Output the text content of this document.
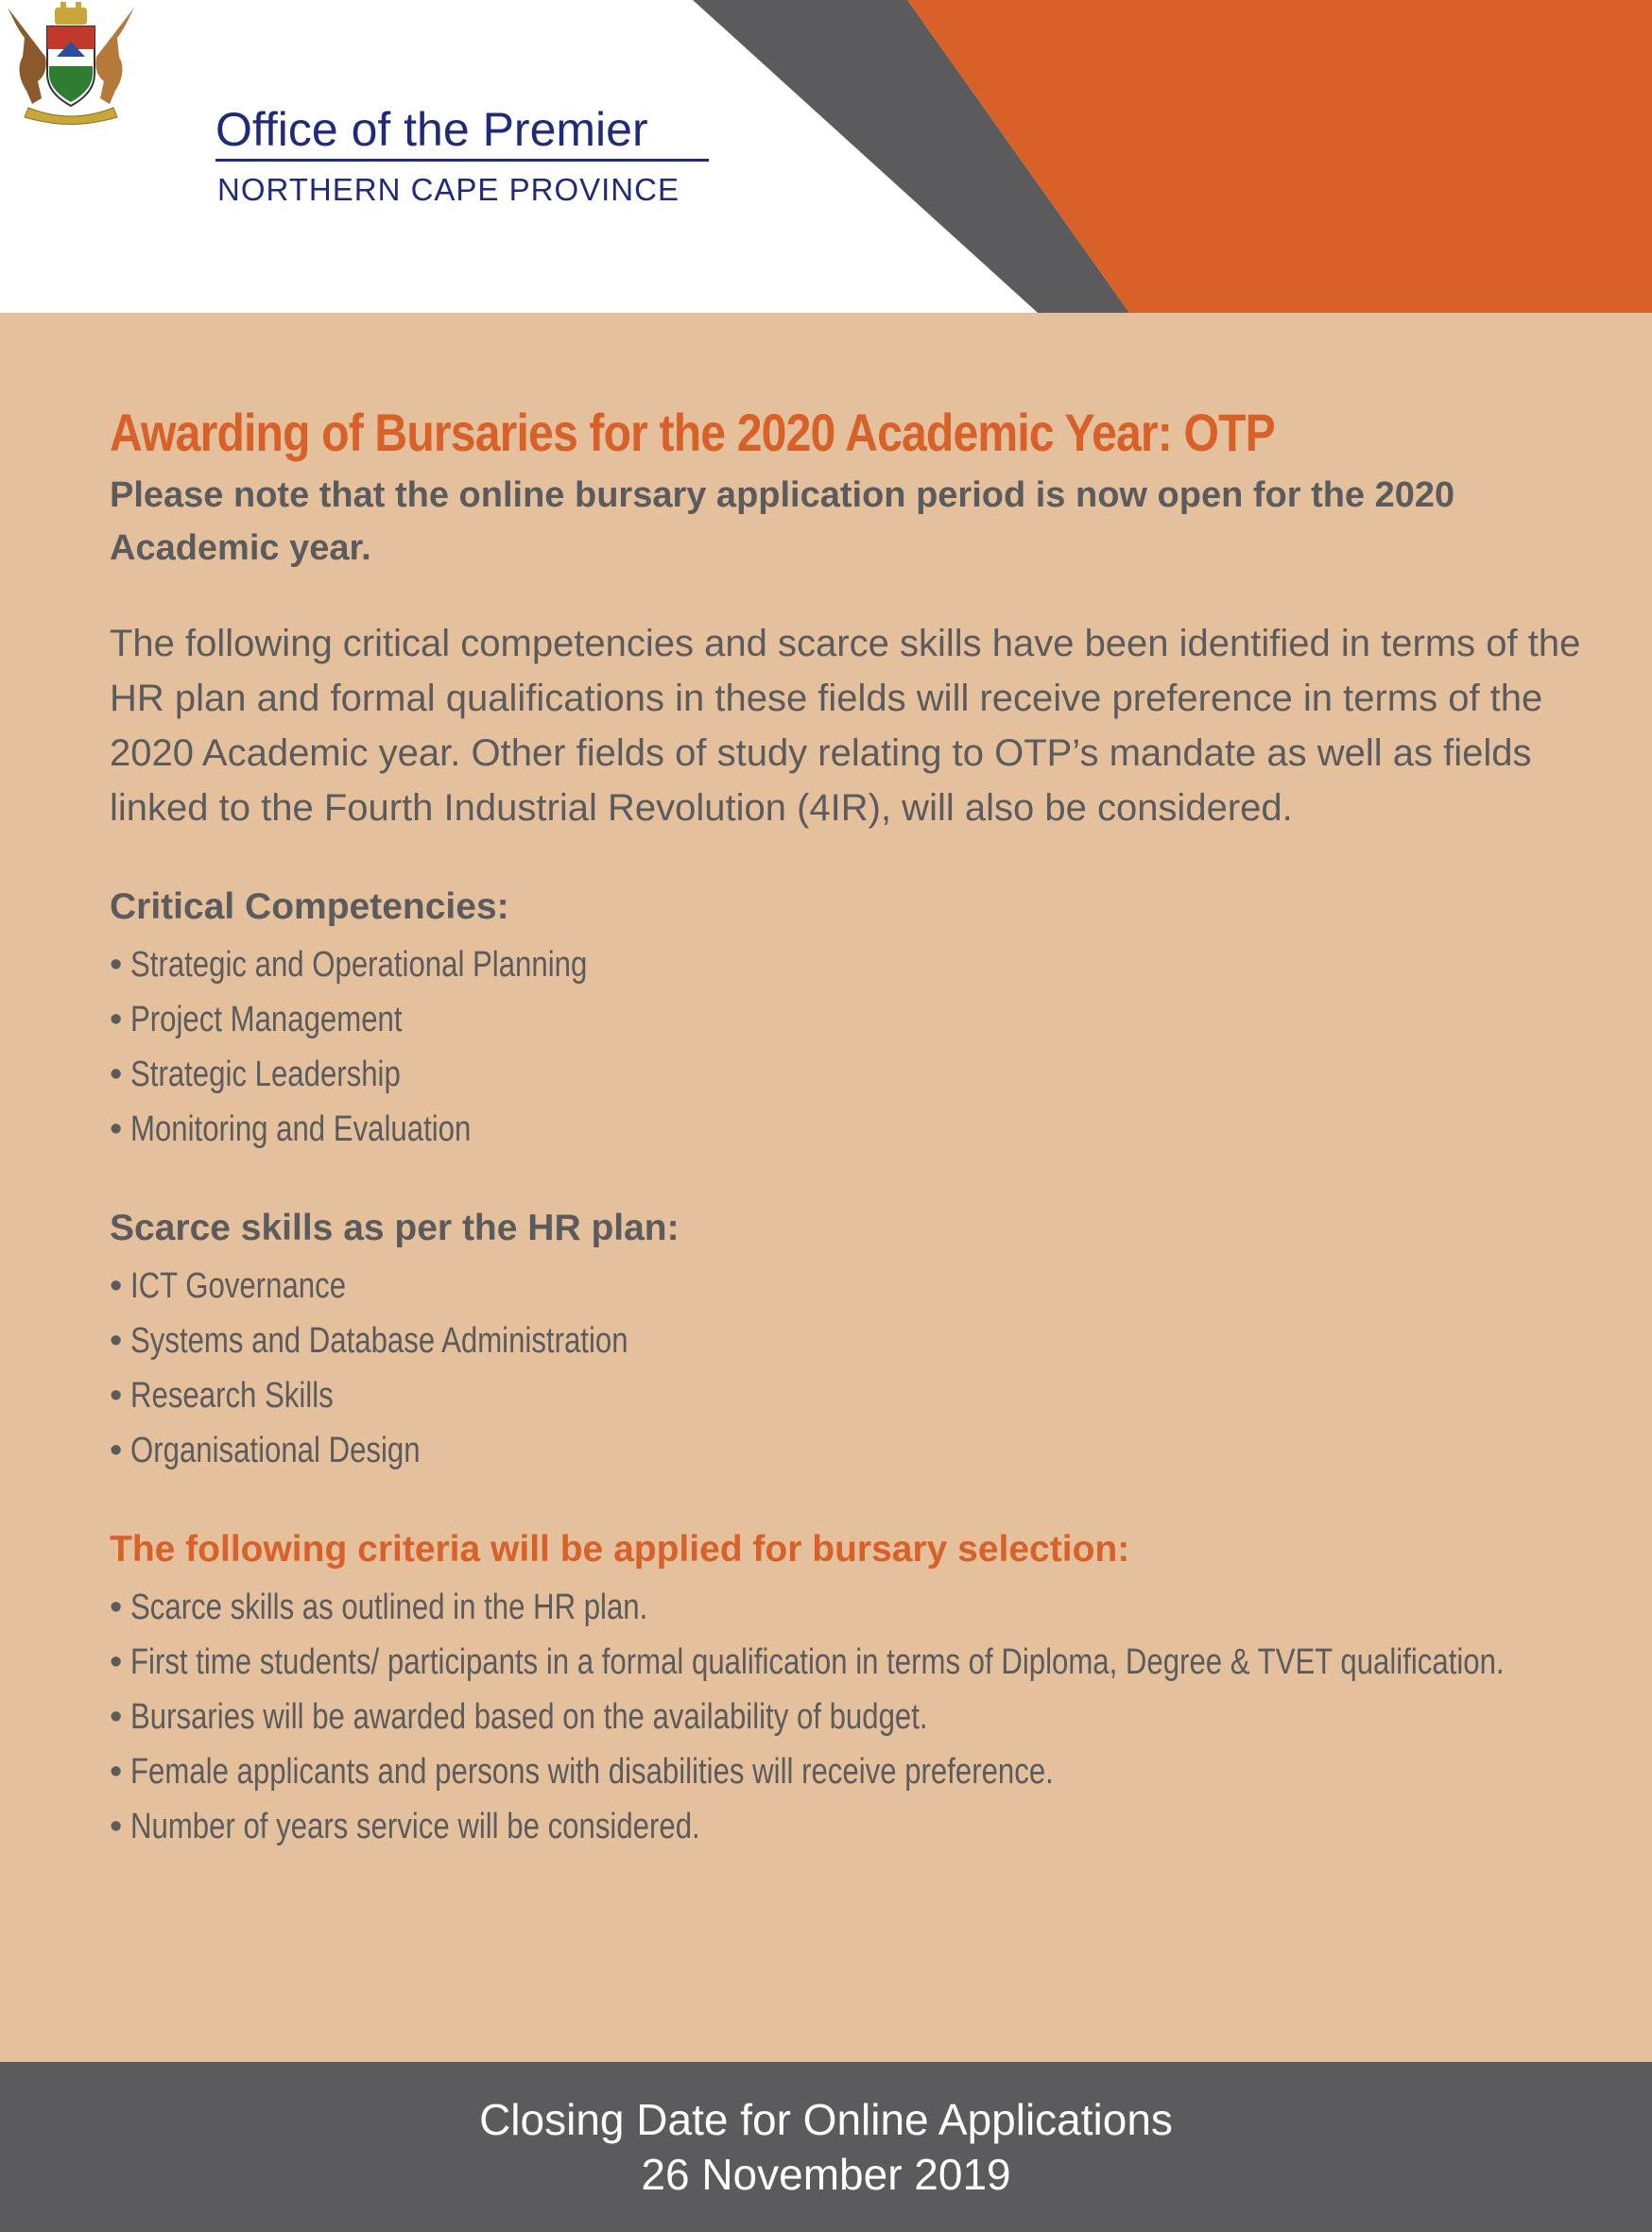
Office of the Premier
NORTHERN CAPE PROVINCE
Awarding of Bursaries for the 2020 Academic Year: OTP

Please note that the online bursary application period is now open for the 2020 Academic year.

The following critical competencies and scarce skills have been identified in terms of the HR plan and formal qualifications in these fields will receive preference in terms of the 2020 Academic year. Other fields of study relating to OTP’s mandate as well as fields linked to the Fourth Industrial Revolution (4IR), will also be considered.

Critical Competencies:
• Strategic and Operational Planning
• Project Management
• Strategic Leadership
• Monitoring and Evaluation
Scarce skills as per the HR plan:
• ICT Governance
• Systems and Database Administration
• Research Skills
• Organisational Design
The following criteria will be applied for bursary selection:
• Scarce skills as outlined in the HR plan.
• First time students/ participants in a formal qualification in terms of Diploma, Degree & TVET qualification.
• Bursaries will be awarded based on the availability of budget.
• Female applicants and persons with disabilities will receive preference.
• Number of years service will be considered.
Closing Date for Online Applications
26 November 2019
